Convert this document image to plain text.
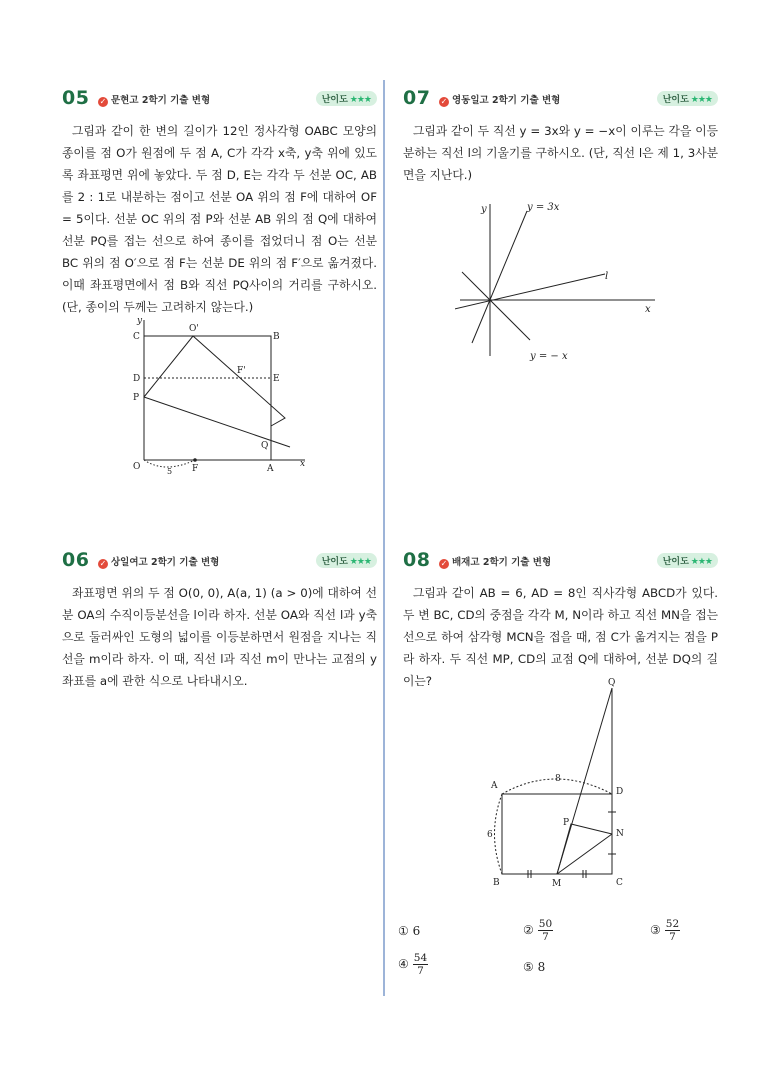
05 ✓ 문현고 2학기 기출 변형	난이도 ★★★

그림과 같이 한 변의 길이가 12인 정사각형 OABC 모양의 종이를 점 O가 원점에 두 점 A, C가 각각 x축, y축 위에 있도록 좌표평면 위에 놓았다. 두 점 D, E는 각각 두 선분 OC, AB를 2 : 1로 내분하는 점이고 선분 OA 위의 점 F에 대하여 OF = 5이다. 선분 OC 위의 점 P와 선분 AB 위의 점 Q에 대하여 선분 PQ를 접는 선으로 하여 종이를 접었더니 점 O는 선분 BC 위의 점 O′으로 점 F는 선분 DE 위의 점 F′으로 옮겨졌다. 이때 좌표평면에서 점 B와 직선 PQ사이의 거리를 구하시오. (단, 종이의 두께는 고려하지 않는다.)

y
x
C
O'
B
D
F'
E
P
Q
O	F	A
5
07 ✓ 영동일고 2학기 기출 변형	난이도 ★★★

그림과 같이 두 직선 y = 3x와 y = −x이 이루는 각을 이등분하는 직선 l의 기울기를 구하시오. (단, 직선 l은 제 1, 3사분면을 지난다.)

y
x
y = 3x
y = − x
l
06 ✓ 상일여고 2학기 기출 변형	난이도 ★★★

좌표평면 위의 두 점 O(0, 0), A(a, 1) (a > 0)에 대하여 선분 OA의 수직이등분선을 l이라 하자. 선분 OA와 직선 l과 y축으로 둘러싸인 도형의 넓이를 이등분하면서 원점을 지나는 직선을 m이라 하자. 이 때, 직선 l과 직선 m이 만나는 교점의 y좌표를 a에 관한 식으로 나타내시오.

08 ✓ 배재고 2학기 기출 변형	난이도 ★★★

그림과 같이 AB = 6, AD = 8인 직사각형 ABCD가 있다. 두 변 BC, CD의 중점을 각각 M, N이라 하고 직선 MN을 접는 선으로 하여 삼각형 MCN을 접을 때, 점 C가 옮겨지는 점을 P라 하자. 두 직선 MP, CD의 교점 Q에 대하여, 선분 DQ의 길이는?	Q
A
D
8
P
N
6
B	M	C
① 6	② $\frac{50}{7}$	③ $\frac{52}{7}$
④ $\frac{54}{7}$	⑤ 8
